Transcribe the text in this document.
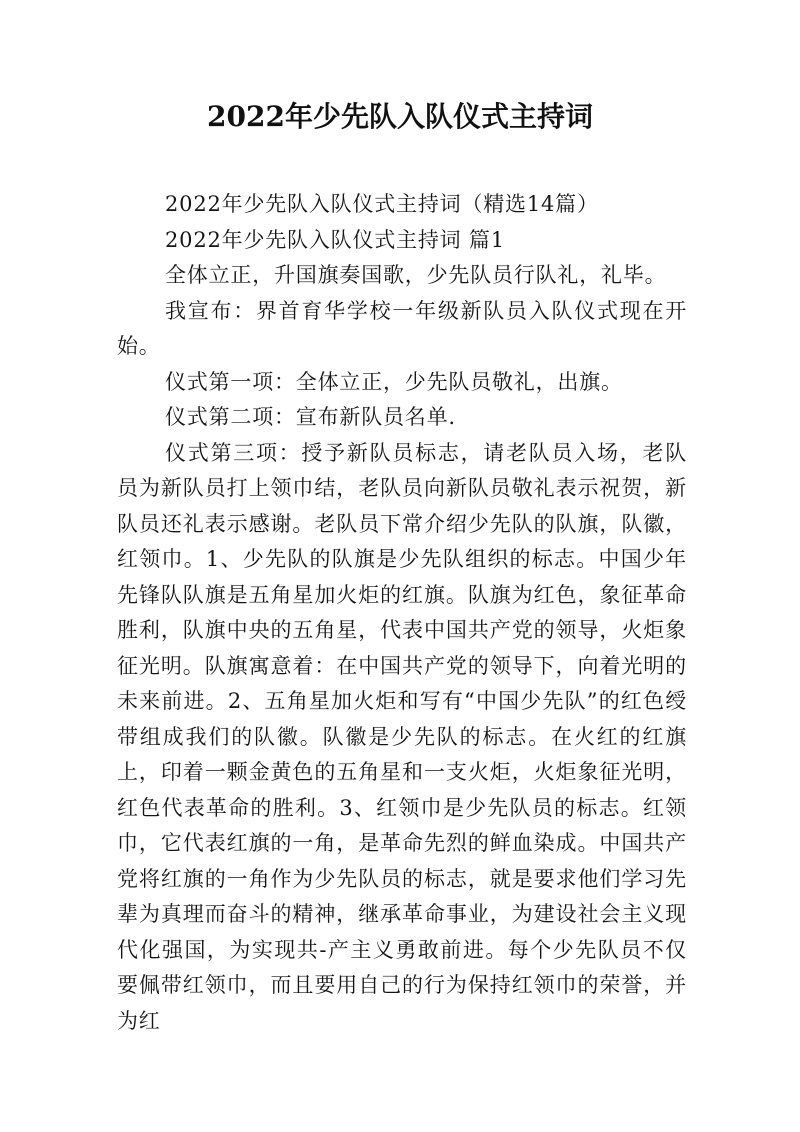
2022年少先队入队仪式主持词

2022年少先队入队仪式主持词（精选14篇）

2022年少先队入队仪式主持词 篇1

全体立正，升国旗奏国歌，少先队员行队礼，礼毕。

我宣布：界首育华学校一年级新队员入队仪式现在开始。

仪式第一项：全体立正，少先队员敬礼，出旗。

仪式第二项：宣布新队员名单.

仪式第三项：授予新队员标志，请老队员入场，老队员为新队员打上领巾结，老队员向新队员敬礼表示祝贺，新队员还礼表示感谢。老队员下常介绍少先队的队旗，队徽，红领巾。1、少先队的队旗是少先队组织的标志。中国少年先锋队队旗是五角星加火炬的红旗。队旗为红色，象征革命胜利，队旗中央的五角星，代表中国共产党的领导，火炬象征光明。队旗寓意着：在中国共产党的领导下，向着光明的未来前进。2、五角星加火炬和写有“中国少先队”的红色绶带组成我们的队徽。队徽是少先队的标志。在火红的红旗上，印着一颗金黄色的五角星和一支火炬，火炬象征光明，红色代表革命的胜利。3、红领巾是少先队员的标志。红领巾，它代表红旗的一角，是革命先烈的鲜血染成。中国共产党将红旗的一角作为少先队员的标志，就是要求他们学习先辈为真理而奋斗的精神，继承革命事业，为建设社会主义现代化强国，为实现共-产主义勇敢前进。每个少先队员不仅要佩带红领巾，而且要用自己的行为保持红领巾的荣誉，并为红
